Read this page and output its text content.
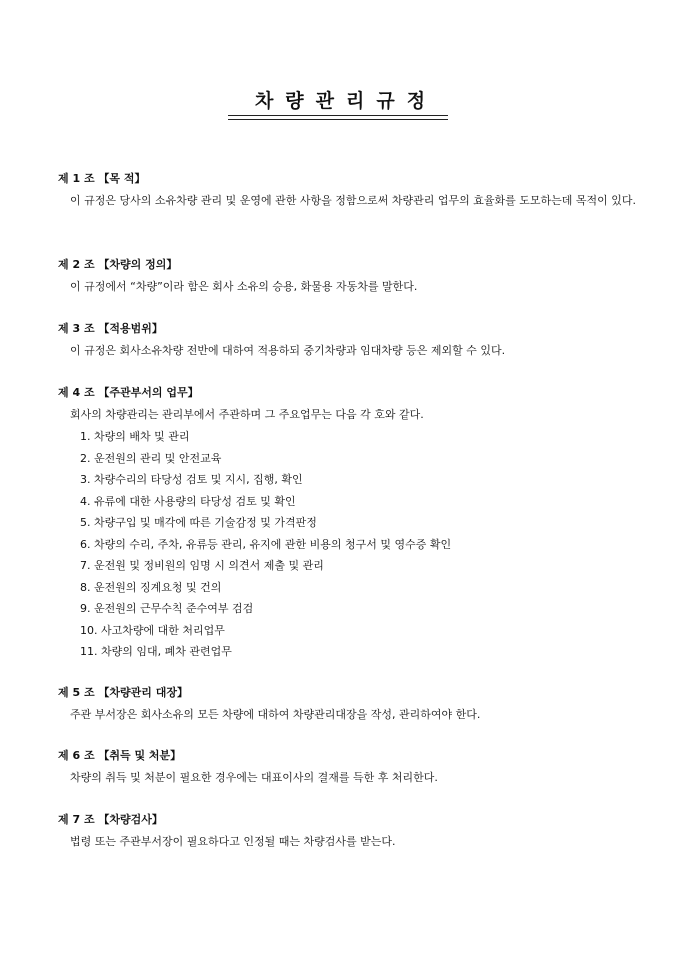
차량관리규정
제 1 조 【목 적】
이 규정은 당사의 소유차량 관리 및 운영에 관한 사항을 정함으로써 차량관리 업무의 효율화를 도모하는데 목적이 있다.
제 2 조 【차량의 정의】
이 규정에서 “차량”이라 함은 회사 소유의 승용, 화물용 자동차를 말한다.
제 3 조 【적용범위】
이 규정은 회사소유차량 전반에 대하여 적용하되 중기차량과 임대차량 등은 제외할 수 있다.
제 4 조 【주관부서의 업무】
회사의 차량관리는 관리부에서 주관하며 그 주요업무는 다음 각 호와 같다.
1. 차량의 배차 및 관리
2. 운전원의 관리 및 안전교육
3. 차량수리의 타당성 검토 및 지시, 집행, 확인
4. 유류에 대한 사용량의 타당성 검토 및 확인
5. 차량구입 및 매각에 따른 기술감정 및 가격판정
6. 차량의 수리, 주차, 유류등 관리, 유지에 관한 비용의 청구서 및 영수증 확인
7. 운전원 및 정비원의 임명 시 의견서 제출 및 관리
8. 운전원의 징계요청 및 건의
9. 운전원의 근무수칙 준수여부 검검
10. 사고차량에 대한 처리업무
11. 차량의 임대, 폐차 관련업무
제 5 조 【차량관리 대장】
주관 부서장은 회사소유의 모든 차량에 대하여 차량관리대장을 작성, 관리하여야 한다.
제 6 조 【취득 및 처분】
차량의 취득 및 처분이 필요한 경우에는 대표이사의 결재를 득한 후 처리한다.
제 7 조 【차량검사】
법령 또는 주관부서장이 필요하다고 인정될 때는 차량검사를 받는다.
